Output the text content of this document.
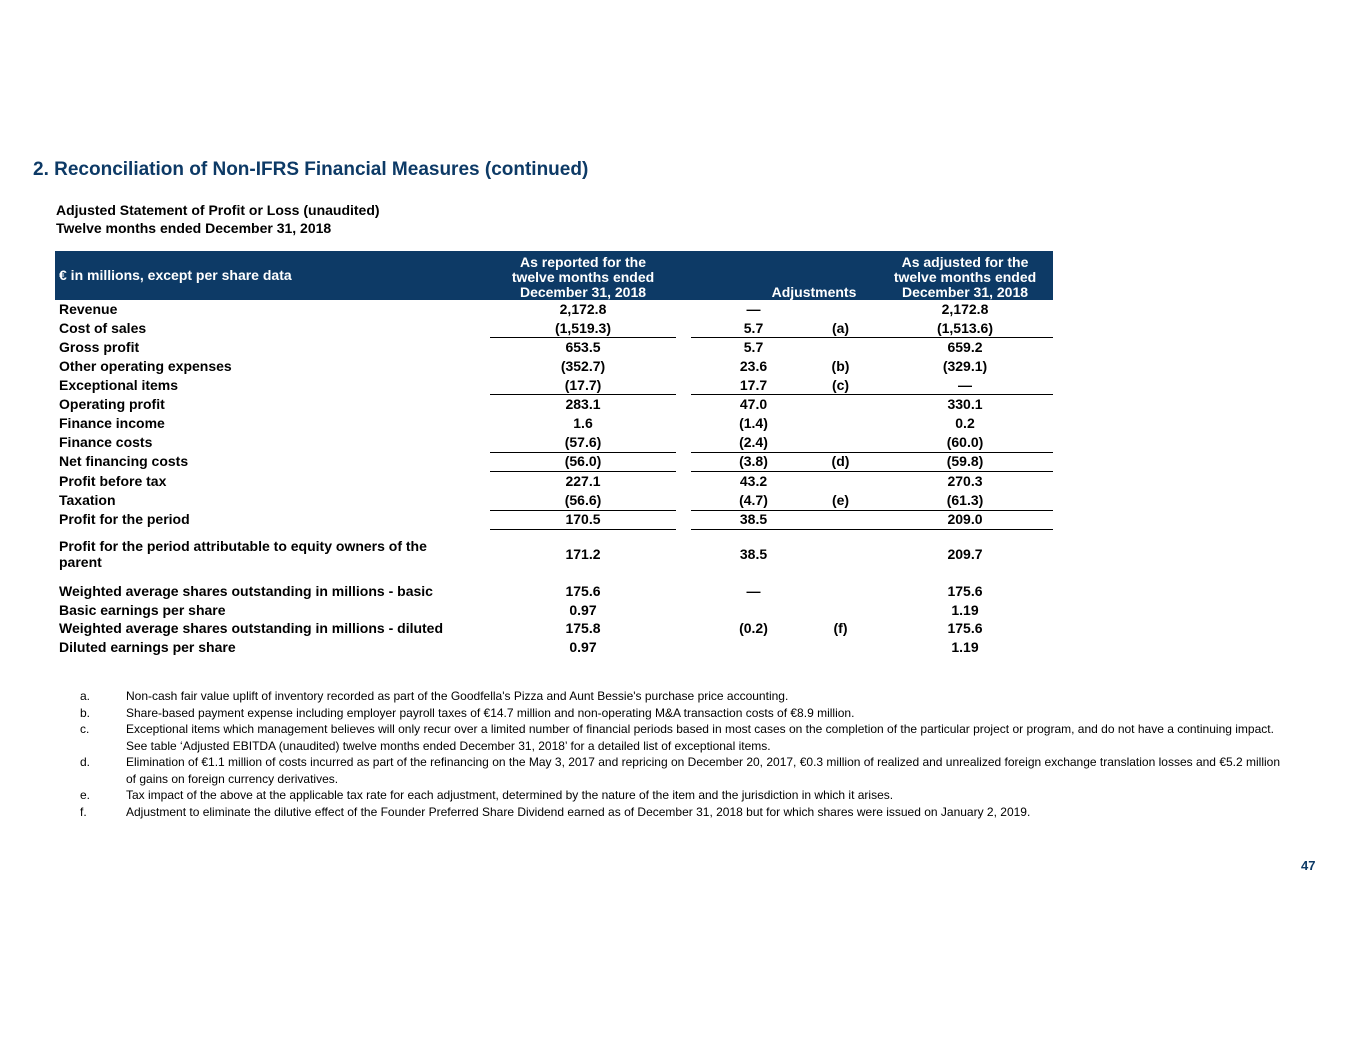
2. Reconciliation of Non-IFRS Financial Measures (continued)
Adjusted Statement of Profit or Loss (unaudited)
Twelve months ended December 31, 2018
€ in millions, except per share data	As reported for the
twelve months ended
December 31, 2018		Adjustments		As adjusted for the
twelve months ended
December 31, 2018

Revenue	2,172.8		—		2,172.8
Cost of sales	(1,519.3)		5.7 (a)		(1,513.6)
Gross profit	653.5		5.7		659.2
Other operating expenses	(352.7)		23.6 (b)		(329.1)
Exceptional items	(17.7)		17.7 (c)		—
Operating profit	283.1		47.0		330.1
Finance income	1.6		(1.4)		0.2
Finance costs	(57.6)		(2.4)		(60.0)
Net financing costs	(56.0)		(3.8) (d)		(59.8)
Profit before tax	227.1		43.2		270.3
Taxation	(56.6)		(4.7) (e)		(61.3)
Profit for the period	170.5		38.5		209.0

Profit for the period attributable to equity owners of the parent	171.2		38.5		209.7

Weighted average shares outstanding in millions - basic	175.6		—		175.6
Basic earnings per share	0.97				1.19
Weighted average shares outstanding in millions - diluted	175.8		(0.2) (f)		175.6
Diluted earnings per share	0.97				1.19
a.	Non-cash fair value uplift of inventory recorded as part of the Goodfella's Pizza and Aunt Bessie's purchase price accounting.
b.	Share-based payment expense including employer payroll taxes of €14.7 million and non-operating M&A transaction costs of €8.9 million.
c.	Exceptional items which management believes will only recur over a limited number of financial periods based in most cases on the completion of the particular project or program, and do not have a continuing impact. See table ‘Adjusted EBITDA (unaudited) twelve months ended December 31, 2018’ for a detailed list of exceptional items.
d.	Elimination of €1.1 million of costs incurred as part of the refinancing on the May 3, 2017 and repricing on December 20, 2017, €0.3 million of realized and unrealized foreign exchange translation losses and €5.2 million of gains on foreign currency derivatives.
e.	Tax impact of the above at the applicable tax rate for each adjustment, determined by the nature of the item and the jurisdiction in which it arises.
f.	Adjustment to eliminate the dilutive effect of the Founder Preferred Share Dividend earned as of December 31, 2018 but for which shares were issued on January 2, 2019.
47
